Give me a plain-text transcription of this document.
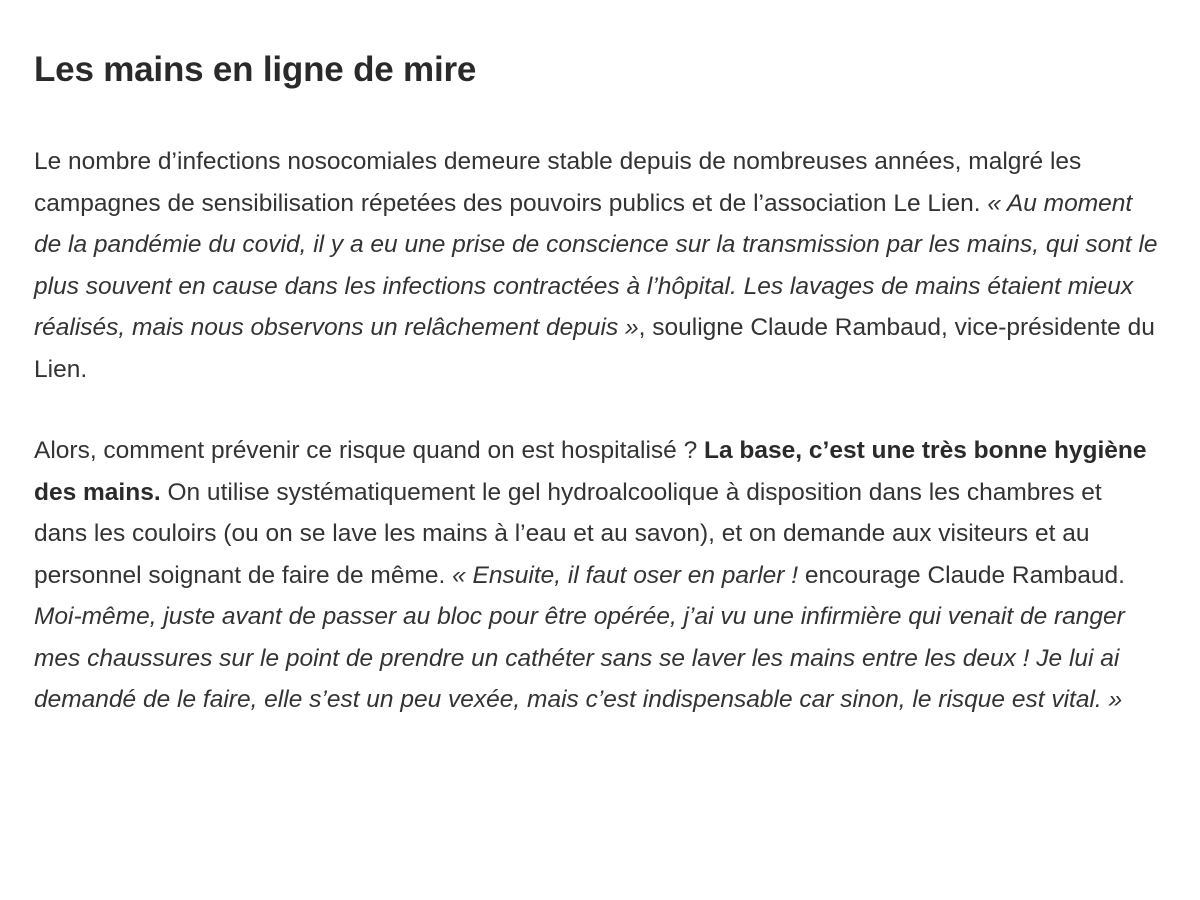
Les mains en ligne de mire

Le nombre d’infections nosocomiales demeure stable depuis de nombreuses années, malgré les campagnes de sensibilisation répetées des pouvoirs publics et de l’association Le Lien. « Au moment de la pandémie du covid, il y a eu une prise de conscience sur la transmission par les mains, qui sont le plus souvent en cause dans les infections contractées à l’hôpital. Les lavages de mains étaient mieux réalisés, mais nous observons un relâchement depuis », souligne Claude Rambaud, vice-présidente du Lien.

Alors, comment prévenir ce risque quand on est hospitalisé ? La base, c’est une très bonne hygiène des mains. On utilise systématiquement le gel hydroalcoolique à disposition dans les chambres et dans les couloirs (ou on se lave les mains à l’eau et au savon), et on demande aux visiteurs et au personnel soignant de faire de même. « Ensuite, il faut oser en parler ! encourage Claude Rambaud. Moi-même, juste avant de passer au bloc pour être opérée, j’ai vu une infirmière qui venait de ranger mes chaussures sur le point de prendre un cathéter sans se laver les mains entre les deux ! Je lui ai demandé de le faire, elle s’est un peu vexée, mais c’est indispensable car sinon, le risque est vital. »
